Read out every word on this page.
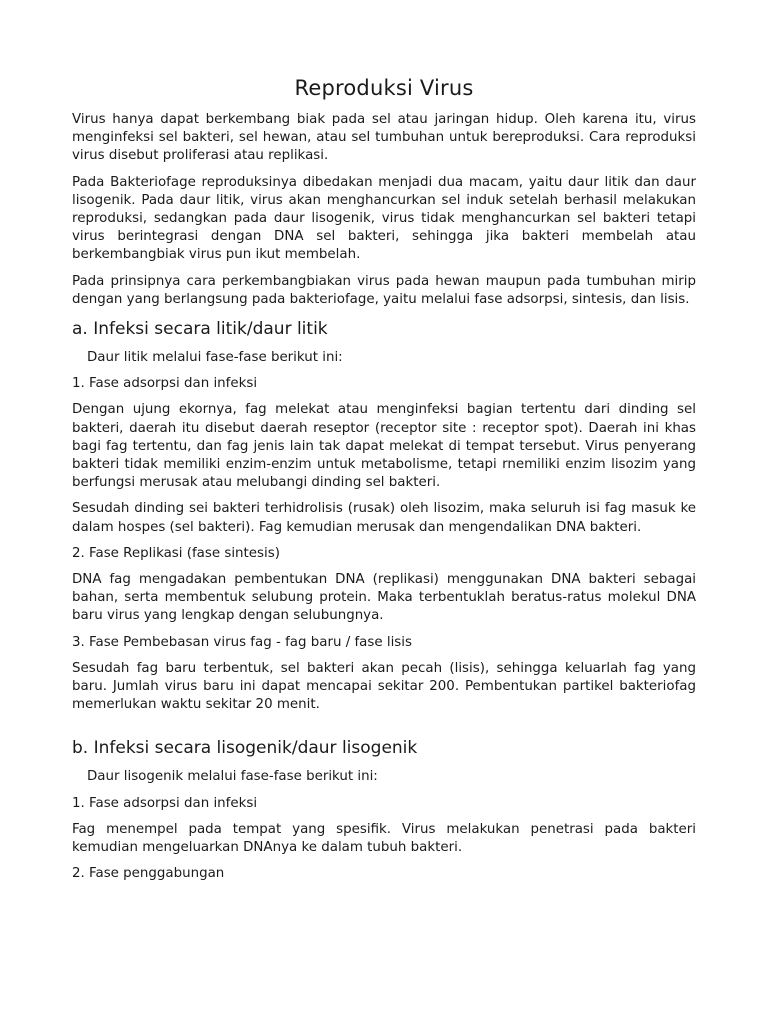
Reproduksi Virus

Virus hanya dapat berkembang biak pada sel atau jaringan hidup. Oleh karena itu, virus menginfeksi sel bakteri, sel hewan, atau sel tumbuhan untuk bereproduksi. Cara reproduksi virus disebut proliferasi atau replikasi.

Pada Bakteriofage reproduksinya dibedakan menjadi dua macam, yaitu daur litik dan daur lisogenik. Pada daur litik, virus akan menghancurkan sel induk setelah berhasil melakukan reproduksi, sedangkan pada daur lisogenik, virus tidak menghancurkan sel bakteri tetapi virus berintegrasi dengan DNA sel bakteri, sehingga jika bakteri membelah atau berkembangbiak virus pun ikut membelah.

Pada prinsipnya cara perkembangbiakan virus pada hewan maupun pada tumbuhan mirip dengan yang berlangsung pada bakteriofage, yaitu melalui fase adsorpsi, sintesis, dan lisis.

a. Infeksi secara litik/daur litik

Daur litik melalui fase-fase berikut ini:

1. Fase adsorpsi dan infeksi

Dengan ujung ekornya, fag melekat atau menginfeksi bagian tertentu dari dinding sel bakteri, daerah itu disebut daerah reseptor (receptor site : receptor spot). Daerah ini khas bagi fag tertentu, dan fag jenis lain tak dapat melekat di tempat tersebut. Virus penyerang bakteri tidak memiliki enzim-enzim untuk metabolisme, tetapi rnemiliki enzim lisozim yang berfungsi merusak atau melubangi dinding sel bakteri.

Sesudah dinding sei bakteri terhidrolisis (rusak) oleh lisozim, maka seluruh isi fag masuk ke dalam hospes (sel bakteri). Fag kemudian merusak dan mengendalikan DNA bakteri.

2. Fase Replikasi (fase sintesis)

DNA fag mengadakan pembentukan DNA (replikasi) menggunakan DNA bakteri sebagai bahan, serta membentuk selubung protein. Maka terbentuklah beratus-ratus molekul DNA baru virus yang lengkap dengan selubungnya.

3. Fase Pembebasan virus fag - fag baru / fase lisis

Sesudah fag baru terbentuk, sel bakteri akan pecah (lisis), sehingga keluarlah fag yang baru. Jumlah virus baru ini dapat mencapai sekitar 200. Pembentukan partikel bakteriofag memerlukan waktu sekitar 20 menit.

b. Infeksi secara lisogenik/daur lisogenik

Daur lisogenik melalui fase-fase berikut ini:

1. Fase adsorpsi dan infeksi

Fag menempel pada tempat yang spesifik. Virus melakukan penetrasi pada bakteri kemudian mengeluarkan DNAnya ke dalam tubuh bakteri.

2. Fase penggabungan
